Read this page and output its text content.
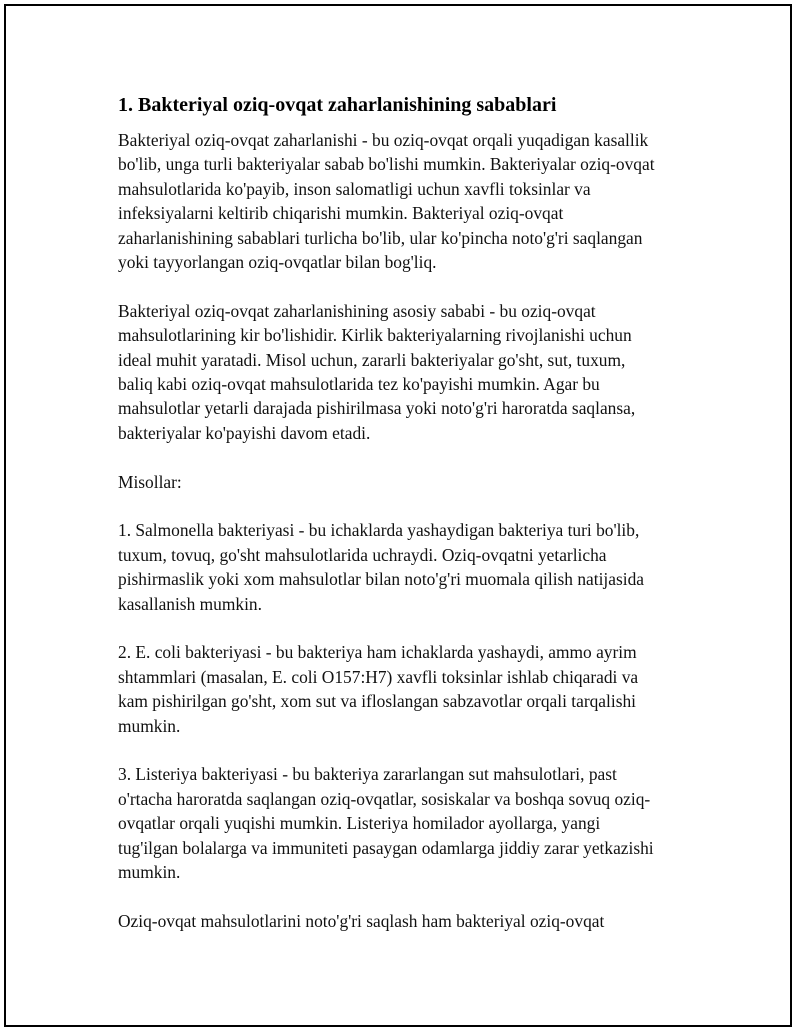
1. Bakteriyal oziq-ovqat zaharlanishining sabablari
Bakteriyal oziq-ovqat zaharlanishi - bu oziq-ovqat orqali yuqadigan kasallik
bo'lib, unga turli bakteriyalar sabab bo'lishi mumkin. Bakteriyalar oziq-ovqat
mahsulotlarida ko'payib, inson salomatligi uchun xavfli toksinlar va
infeksiyalarni keltirib chiqarishi mumkin. Bakteriyal oziq-ovqat
zaharlanishining sabablari turlicha bo'lib, ular ko'pincha noto'g'ri saqlangan
yoki tayyorlangan oziq-ovqatlar bilan bog'liq.
Bakteriyal oziq-ovqat zaharlanishining asosiy sababi - bu oziq-ovqat
mahsulotlarining kir bo'lishidir. Kirlik bakteriyalarning rivojlanishi uchun
ideal muhit yaratadi. Misol uchun, zararli bakteriyalar go'sht, sut, tuxum,
baliq kabi oziq-ovqat mahsulotlarida tez ko'payishi mumkin. Agar bu
mahsulotlar yetarli darajada pishirilmasa yoki noto'g'ri haroratda saqlansa,
bakteriyalar ko'payishi davom etadi.
Misollar:
1. Salmonella bakteriyasi - bu ichaklarda yashaydigan bakteriya turi bo'lib,
tuxum, tovuq, go'sht mahsulotlarida uchraydi. Oziq-ovqatni yetarlicha
pishirmaslik yoki xom mahsulotlar bilan noto'g'ri muomala qilish natijasida
kasallanish mumkin.
2. E. coli bakteriyasi - bu bakteriya ham ichaklarda yashaydi, ammo ayrim
shtammlari (masalan, E. coli O157:H7) xavfli toksinlar ishlab chiqaradi va
kam pishirilgan go'sht, xom sut va ifloslangan sabzavotlar orqali tarqalishi
mumkin.
3. Listeriya bakteriyasi - bu bakteriya zararlangan sut mahsulotlari, past
o'rtacha haroratda saqlangan oziq-ovqatlar, sosiskalar va boshqa sovuq oziq-
ovqatlar orqali yuqishi mumkin. Listeriya homilador ayollarga, yangi
tug'ilgan bolalarga va immuniteti pasaygan odamlarga jiddiy zarar yetkazishi
mumkin.
Oziq-ovqat mahsulotlarini noto'g'ri saqlash ham bakteriyal oziq-ovqat
